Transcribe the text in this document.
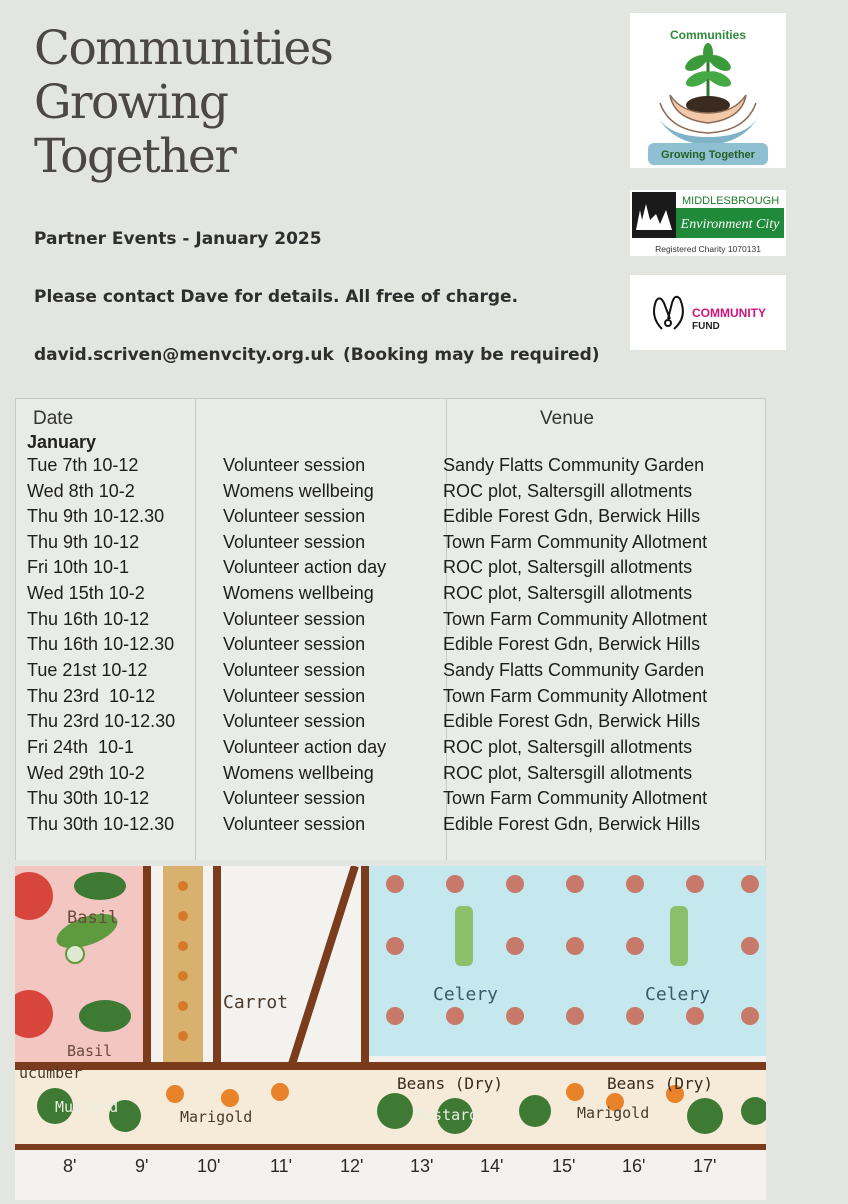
Communities
Growing
Together
Partner Events - January 2025
Please contact Dave for details. All free of charge.
david.scriven@menvcity.org.uk (Booking may be required)
Communities
Growing Together
MIDDLESBROUGH
Environment City
Registered Charity 1070131
COMMUNITY
FUND
Date	Venue
January
Tue 7th 10-12	Volunteer session	Sandy Flatts Community Garden
Wed 8th 10-2	Womens wellbeing	ROC plot, Saltersgill allotments
Thu 9th 10-12.30	Volunteer session	Edible Forest Gdn, Berwick Hills
Thu 9th 10-12	Volunteer session	Town Farm Community Allotment
Fri 10th 10-1	Volunteer action day	ROC plot, Saltersgill allotments
Wed 15th 10-2	Womens wellbeing	ROC plot, Saltersgill allotments
Thu 16th 10-12	Volunteer session	Town Farm Community Allotment
Thu 16th 10-12.30	Volunteer session	Edible Forest Gdn, Berwick Hills
Tue 21st 10-12	Volunteer session	Sandy Flatts Community Garden
Thu 23rd  10-12	Volunteer session	Town Farm Community Allotment
Thu 23rd 10-12.30	Volunteer session	Edible Forest Gdn, Berwick Hills
Fri 24th  10-1	Volunteer action day	ROC plot, Saltersgill allotments
Wed 29th 10-2	Womens wellbeing	ROC plot, Saltersgill allotments
Thu 30th 10-12	Volunteer session	Town Farm Community Allotment
Thu 30th 10-12.30	Volunteer session	Edible Forest Gdn, Berwick Hills
Basil
Basil
Carrot	Celery	Celery
ucumber
Mustard
Marigold
Beans (Dry)	Beans (Dry)
Mustard	Marigold
8'	9'	10'	11'	12'	13'	14'	15'	16'	17'
